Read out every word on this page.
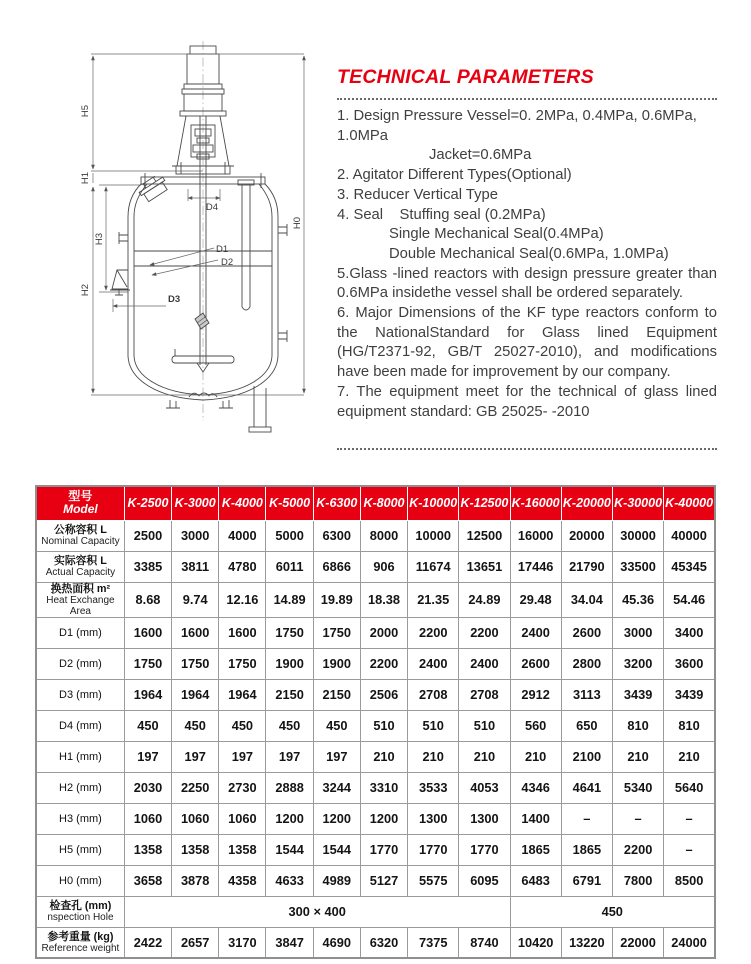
H5
H1
H3
H2
H0
D4
D1
D2
D3
TECHNICAL PARAMETERS
1. Design Pressure Vessel=0. 2MPa, 0.4MPa, 0.6MPa, 1.0MPa
Jacket=0.6MPa
2. Agitator Different Types(Optional)
3. Reducer Vertical Type
4. Seal    Stuffing seal (0.2MPa)
Single Mechanical Seal(0.4MPa)
Double Mechanical Seal(0.6MPa, 1.0MPa)
5.Glass -lined reactors with design pressure greater than 0.6MPa insidethe vessel shall be ordered separately.
6. Major Dimensions of the KF type reactors conform to the NationalStandard for Glass lined Equipment (HG/T2371-92, GB/T 25027-2010), and modifications have been made for improvement by our company.
7. The equipment meet for the technical of glass lined equipment standard: GB 25025- -2010
型号
Model	K-2500	K-3000	K-4000	K-5000	K-6300	K-8000	K-10000	K-12500	K-16000	K-20000	K-30000	K-40000

公称容积 L
Nominal Capacity	2500	3000	4000	5000	6300	8000	10000	12500	16000	20000	30000	40000

实际容积 L
Actual Capacity	3385	3811	4780	6011	6866	906	11674	13651	17446	21790	33500	45345

换热面积 m²
Heat Exchange Area	8.68	9.74	12.16	14.89	19.89	18.38	21.35	24.89	29.48	34.04	45.36	54.46

D1 (mm)	1600	1600	1600	1750	1750	2000	2200	2200	2400	2600	3000	3400

D2 (mm)	1750	1750	1750	1900	1900	2200	2400	2400	2600	2800	3200	3600

D3 (mm)	1964	1964	1964	2150	2150	2506	2708	2708	2912	3113	3439	3439

D4 (mm)	450	450	450	450	450	510	510	510	560	650	810	810

H1 (mm)	197	197	197	197	197	210	210	210	210	2100	210	210

H2 (mm)	2030	2250	2730	2888	3244	3310	3533	4053	4346	4641	5340	5640

H3 (mm)	1060	1060	1060	1200	1200	1200	1300	1300	1400	–	–	–

H5 (mm)	1358	1358	1358	1544	1544	1770	1770	1770	1865	1865	2200	–

H0 (mm)	3658	3878	4358	4633	4989	5127	5575	6095	6483	6791	7800	8500

检查孔 (mm)
nspection Hole	300 × 400								450			

参考重量 (kg)
Reference weight	2422	2657	3170	3847	4690	6320	7375	8740	10420	13220	22000	24000
